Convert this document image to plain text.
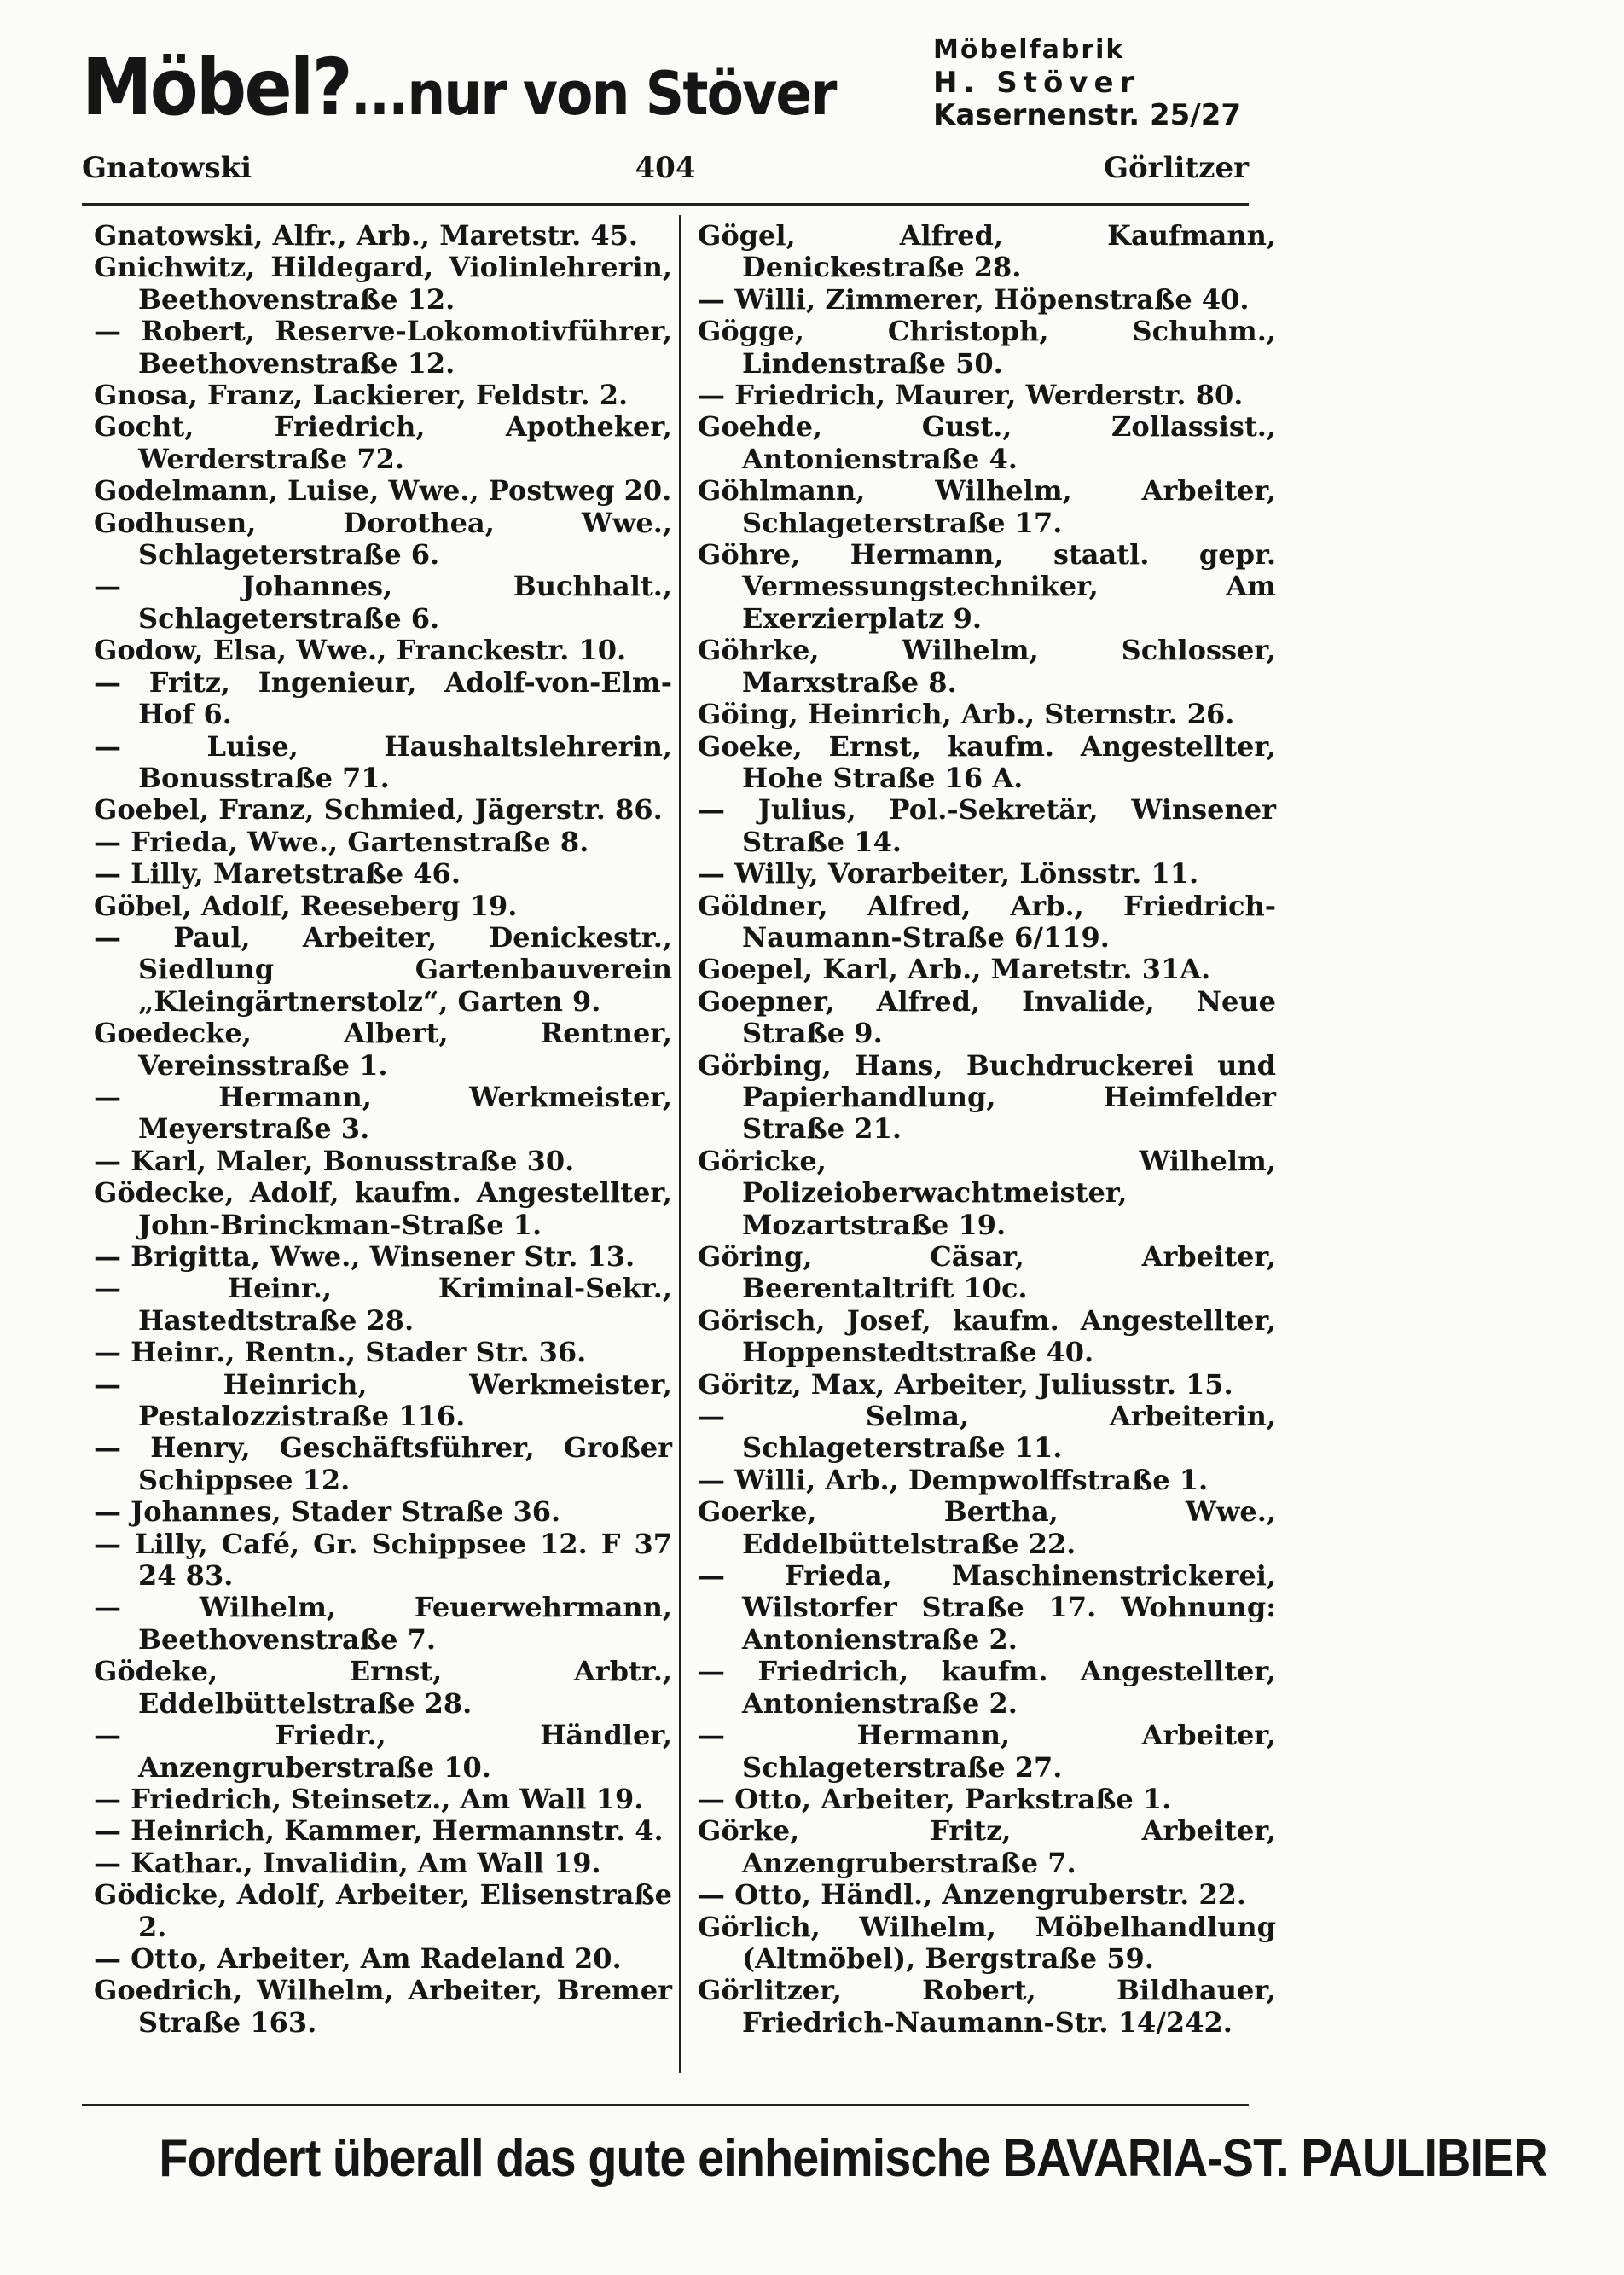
Möbel?...nur von Stöver
Möbelfabrik
H. Stöver
Kasernenstr. 25/27
Gnatowski	404	Görlitzer

Gnatowski, Alfr., Arb., Maretstr. 45.

Gnichwitz, Hildegard, Violinlehrerin, Beethovenstraße 12.

— Robert, Reserve-Lokomotivführer, Beethovenstraße 12.

Gnosa, Franz, Lackierer, Feldstr. 2.

Gocht, Friedrich, Apotheker, Werderstraße 72.

Godelmann, Luise, Wwe., Postweg 20.

Godhusen, Dorothea, Wwe., Schlageterstraße 6.

— Johannes, Buchhalt., Schlageterstraße 6.

Godow, Elsa, Wwe., Franckestr. 10.

— Fritz, Ingenieur, Adolf-von-Elm-Hof 6.

— Luise, Haushaltslehrerin, Bonusstraße 71.

Goebel, Franz, Schmied, Jägerstr. 86.

— Frieda, Wwe., Gartenstraße 8.

— Lilly, Maretstraße 46.

Göbel, Adolf, Reeseberg 19.

— Paul, Arbeiter, Denickestr., Siedlung Gartenbauverein „Kleingärtnerstolz“, Garten 9.

Goedecke, Albert, Rentner, Vereinsstraße 1.

— Hermann, Werkmeister, Meyerstraße 3.

— Karl, Maler, Bonusstraße 30.

Gödecke, Adolf, kaufm. Angestellter, John-Brinckman-Straße 1.

— Brigitta, Wwe., Winsener Str. 13.

— Heinr., Kriminal-Sekr., Hastedtstraße 28.

— Heinr., Rentn., Stader Str. 36.

— Heinrich, Werkmeister, Pestalozzistraße 116.

— Henry, Geschäftsführer, Großer Schippsee 12.

— Johannes, Stader Straße 36.

— Lilly, Café, Gr. Schippsee 12. F 37 24 83.

— Wilhelm, Feuerwehrmann, Beethovenstraße 7.

Gödeke, Ernst, Arbtr., Eddelbüttelstraße 28.

— Friedr., Händler, Anzengruberstraße 10.

— Friedrich, Steinsetz., Am Wall 19.

— Heinrich, Kammer, Hermannstr. 4.

— Kathar., Invalidin, Am Wall 19.

Gödicke, Adolf, Arbeiter, Elisenstraße 2.

— Otto, Arbeiter, Am Radeland 20.

Goedrich, Wilhelm, Arbeiter, Bremer Straße 163.

Gögel, Alfred, Kaufmann, Denickestraße 28.

— Willi, Zimmerer, Höpenstraße 40.

Gögge, Christoph, Schuhm., Lindenstraße 50.

— Friedrich, Maurer, Werderstr. 80.

Goehde, Gust., Zollassist., Antonienstraße 4.

Göhlmann, Wilhelm, Arbeiter, Schlageterstraße 17.

Göhre, Hermann, staatl. gepr. Vermessungstechniker, Am Exerzierplatz 9.

Göhrke, Wilhelm, Schlosser, Marxstraße 8.

Göing, Heinrich, Arb., Sternstr. 26.

Goeke, Ernst, kaufm. Angestellter, Hohe Straße 16 A.

— Julius, Pol.-Sekretär, Winsener Straße 14.

— Willy, Vorarbeiter, Lönsstr. 11.

Göldner, Alfred, Arb., Friedrich-Naumann-Straße 6/119.

Goepel, Karl, Arb., Maretstr. 31A.

Goepner, Alfred, Invalide, Neue Straße 9.

Görbing, Hans, Buchdruckerei und Papierhandlung, Heimfelder Straße 21.

Göricke, Wilhelm, Polizeioberwachtmeister, Mozartstraße 19.

Göring, Cäsar, Arbeiter, Beerentaltrift 10c.

Görisch, Josef, kaufm. Angestellter, Hoppenstedtstraße 40.

Göritz, Max, Arbeiter, Juliusstr. 15.

— Selma, Arbeiterin, Schlageterstraße 11.

— Willi, Arb., Dempwolffstraße 1.

Goerke, Bertha, Wwe., Eddelbüttelstraße 22.

— Frieda, Maschinenstrickerei, Wilstorfer Straße 17. Wohnung: Antonienstraße 2.

— Friedrich, kaufm. Angestellter, Antonienstraße 2.

— Hermann, Arbeiter, Schlageterstraße 27.

— Otto, Arbeiter, Parkstraße 1.

Görke, Fritz, Arbeiter, Anzengruberstraße 7.

— Otto, Händl., Anzengruberstr. 22.

Görlich, Wilhelm, Möbelhandlung (Altmöbel), Bergstraße 59.

Görlitzer, Robert, Bildhauer, Friedrich-Naumann-Str. 14/242.

Fordert überall das gute einheimische BAVARIA-ST. PAULIBIER
